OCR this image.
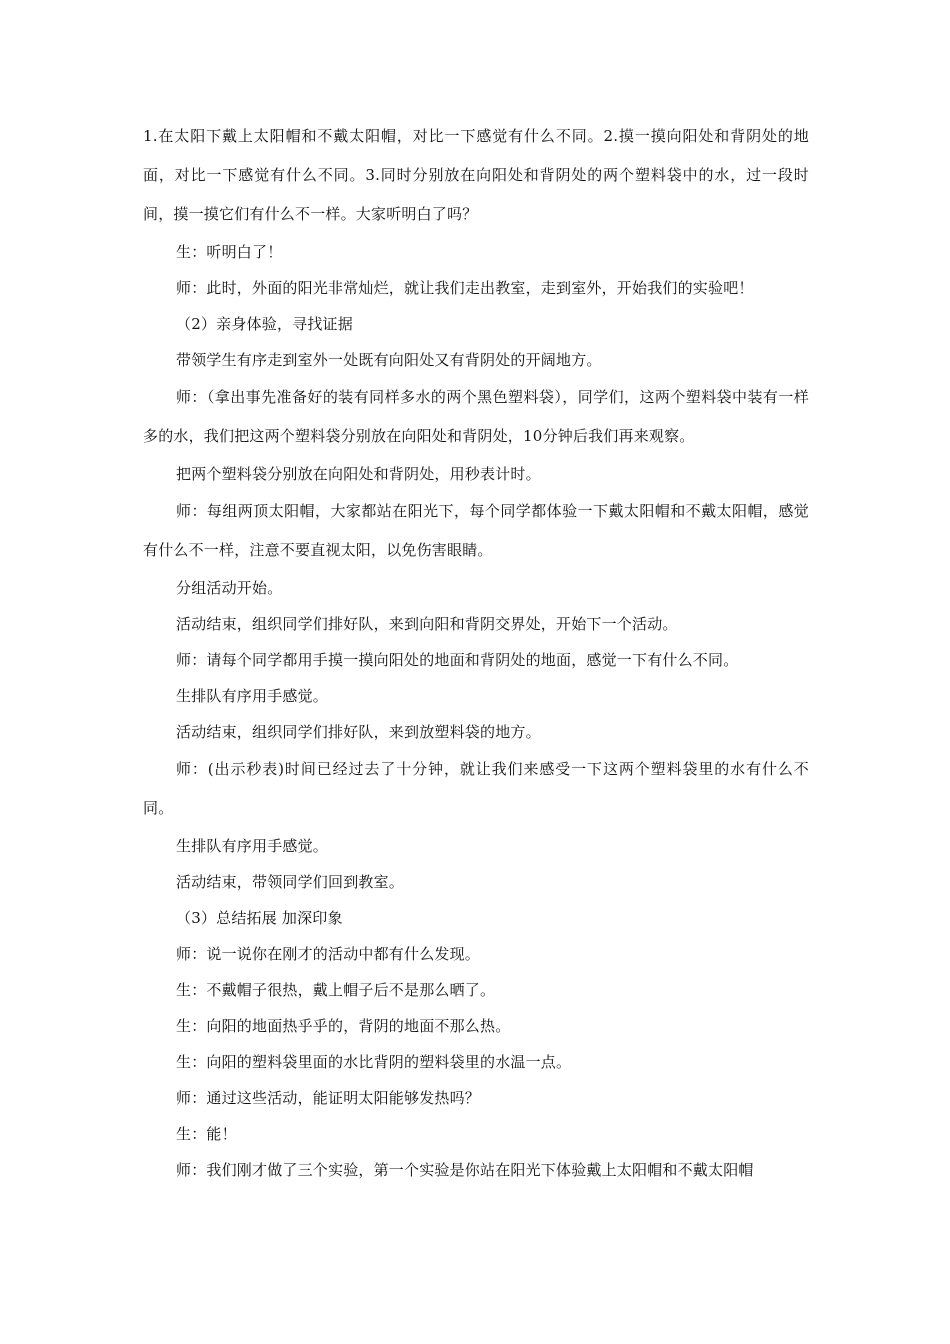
1.在太阳下戴上太阳帽和不戴太阳帽，对比一下感觉有什么不同。2.摸一摸向阳处和背阴处的地面，对比一下感觉有什么不同。3.同时分别放在向阳处和背阴处的两个塑料袋中的水，过一段时间，摸一摸它们有什么不一样。大家听明白了吗？

生：听明白了！

师：此时，外面的阳光非常灿烂，就让我们走出教室，走到室外，开始我们的实验吧！

（2）亲身体验，寻找证据

带领学生有序走到室外一处既有向阳处又有背阴处的开阔地方。

师：（拿出事先准备好的装有同样多水的两个黑色塑料袋），同学们，这两个塑料袋中装有一样多的水，我们把这两个塑料袋分别放在向阳处和背阴处，10分钟后我们再来观察。

把两个塑料袋分别放在向阳处和背阴处，用秒表计时。

师：每组两顶太阳帽，大家都站在阳光下，每个同学都体验一下戴太阳帽和不戴太阳帽，感觉有什么不一样，注意不要直视太阳，以免伤害眼睛。

分组活动开始。

活动结束，组织同学们排好队，来到向阳和背阴交界处，开始下一个活动。

师：请每个同学都用手摸一摸向阳处的地面和背阴处的地面，感觉一下有什么不同。

生排队有序用手感觉。

活动结束，组织同学们排好队，来到放塑料袋的地方。

师：(出示秒表)时间已经过去了十分钟，就让我们来感受一下这两个塑料袋里的水有什么不同。

生排队有序用手感觉。

活动结束，带领同学们回到教室。

（3）总结拓展 加深印象

师：说一说你在刚才的活动中都有什么发现。

生：不戴帽子很热，戴上帽子后不是那么晒了。

生：向阳的地面热乎乎的，背阴的地面不那么热。

生：向阳的塑料袋里面的水比背阴的塑料袋里的水温一点。

师：通过这些活动，能证明太阳能够发热吗？

生：能！

师：我们刚才做了三个实验，第一个实验是你站在阳光下体验戴上太阳帽和不戴太阳帽
